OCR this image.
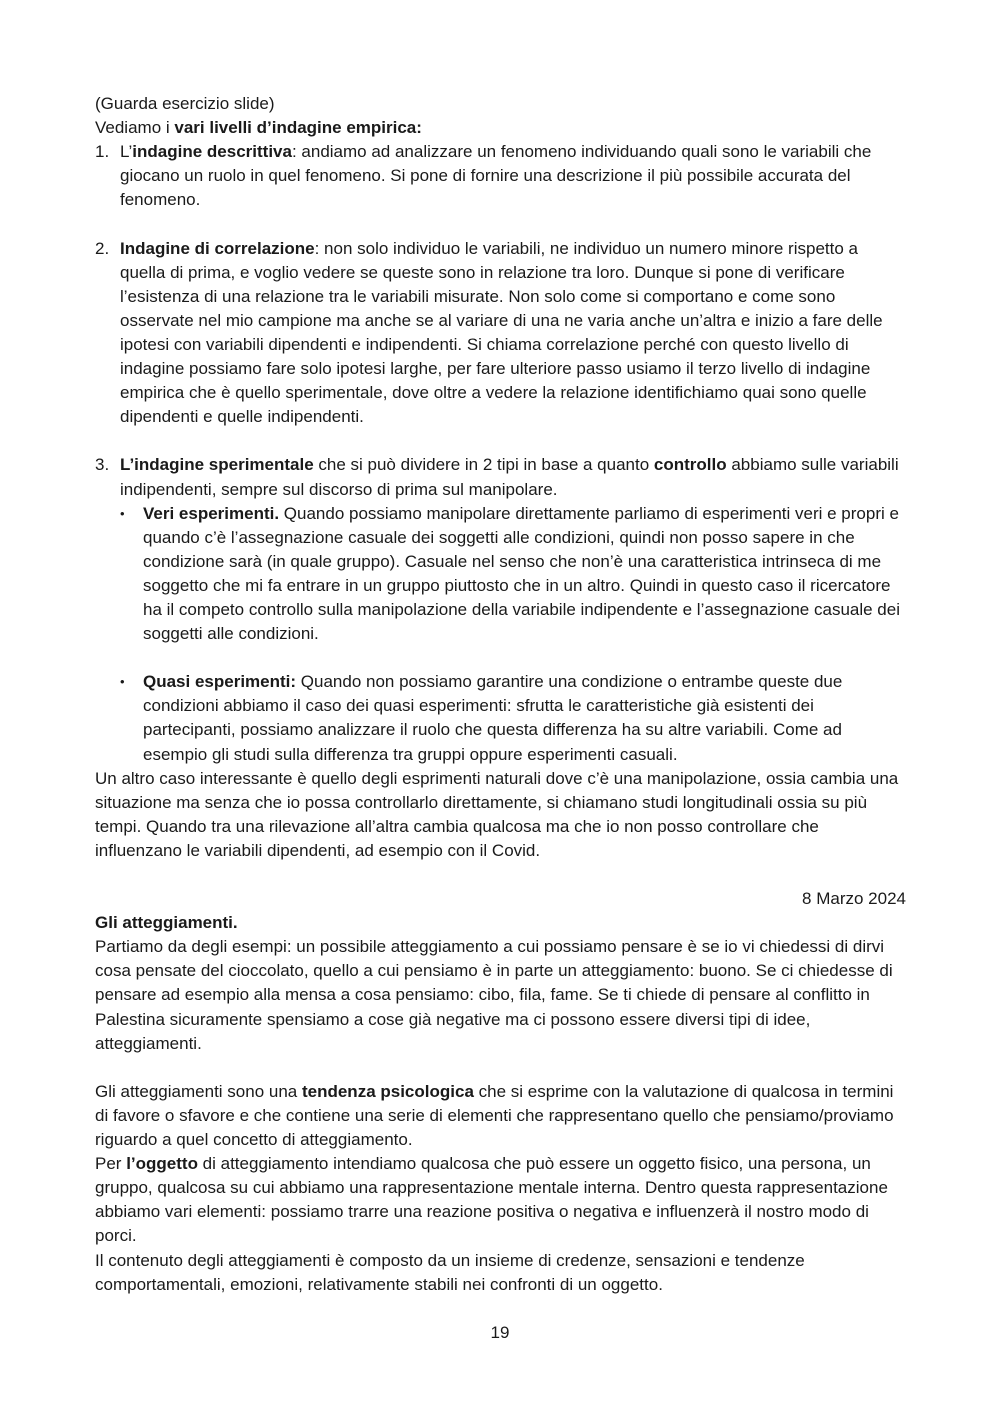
(Guarda esercizio slide)

Vediamo i vari livelli d’indagine empirica:

1. L’indagine descrittiva: andiamo ad analizzare un fenomeno individuando quali sono le variabili che giocano un ruolo in quel fenomeno. Si pone di fornire una descrizione il più possibile accurata del fenomeno.
2. Indagine di correlazione: non solo individuo le variabili, ne individuo un numero minore rispetto a quella di prima, e voglio vedere se queste sono in relazione tra loro. Dunque si pone di verificare l’esistenza di una relazione tra le variabili misurate. Non solo come si comportano e come sono osservate nel mio campione ma anche se al variare di una ne varia anche un’altra e inizio a fare delle ipotesi con variabili dipendenti e indipendenti. Si chiama correlazione perché con questo livello di indagine possiamo fare solo ipotesi larghe, per fare ulteriore passo usiamo il terzo livello di indagine empirica che è quello sperimentale, dove oltre a vedere la relazione identifichiamo quai sono quelle dipendenti e quelle indipendenti.
3. L’indagine sperimentale che si può dividere in 2 tipi in base a quanto controllo abbiamo sulle variabili indipendenti, sempre sul discorso di prima sul manipolare.
• Veri esperimenti. Quando possiamo manipolare direttamente parliamo di esperimenti veri e propri e quando c’è l’assegnazione casuale dei soggetti alle condizioni, quindi non posso sapere in che condizione sarà (in quale gruppo). Casuale nel senso che non’è una caratteristica intrinseca di me soggetto che mi fa entrare in un gruppo piuttosto che in un altro. Quindi in questo caso il ricercatore ha il competo controllo sulla manipolazione della variabile indipendente e l’assegnazione casuale dei soggetti alle condizioni.
• Quasi esperimenti: Quando non possiamo garantire una condizione o entrambe queste due condizioni abbiamo il caso dei quasi esperimenti: sfrutta le caratteristiche già esistenti dei partecipanti, possiamo analizzare il ruolo che questa differenza ha su altre variabili. Come ad esempio gli studi sulla differenza tra gruppi oppure esperimenti casuali.

Un altro caso interessante è quello degli esprimenti naturali dove c’è una manipolazione, ossia cambia una situazione ma senza che io possa controllarlo direttamente, si chiamano studi longitudinali ossia su più tempi. Quando tra una rilevazione all’altra cambia qualcosa ma che io non posso controllare che influenzano le variabili dipendenti, ad esempio con il Covid.

8 Marzo 2024

Gli atteggiamenti.

Partiamo da degli esempi: un possibile atteggiamento a cui possiamo pensare è se io vi chiedessi di dirvi cosa pensate del cioccolato, quello a cui pensiamo è in parte un atteggiamento: buono. Se ci chiedesse di pensare ad esempio alla mensa a cosa pensiamo: cibo, fila, fame. Se ti chiede di pensare al conflitto in Palestina sicuramente spensiamo a cose già negative ma ci possono essere diversi tipi di idee, atteggiamenti.

Gli atteggiamenti sono una tendenza psicologica che si esprime con la valutazione di qualcosa in termini di favore o sfavore e che contiene una serie di elementi che rappresentano quello che pensiamo/proviamo riguardo a quel concetto di atteggiamento.

Per l’oggetto di atteggiamento intendiamo qualcosa che può essere un oggetto fisico, una persona, un gruppo, qualcosa su cui abbiamo una rappresentazione mentale interna. Dentro questa rappresentazione abbiamo vari elementi: possiamo trarre una reazione positiva o negativa e influenzerà il nostro modo di porci.

Il contenuto degli atteggiamenti è composto da un insieme di credenze, sensazioni e tendenze comportamentali, emozioni, relativamente stabili nei confronti di un oggetto.

19
